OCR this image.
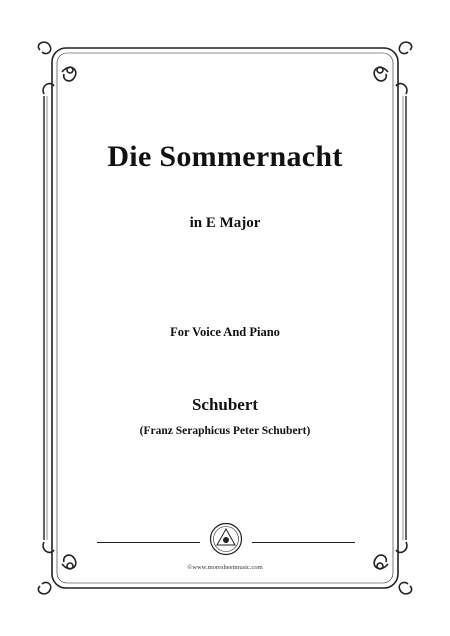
Die Sommernacht
in E Major
For Voice And Piano
Schubert
(Franz Seraphicus Peter Schubert)
©www.moresheetmusic.com
